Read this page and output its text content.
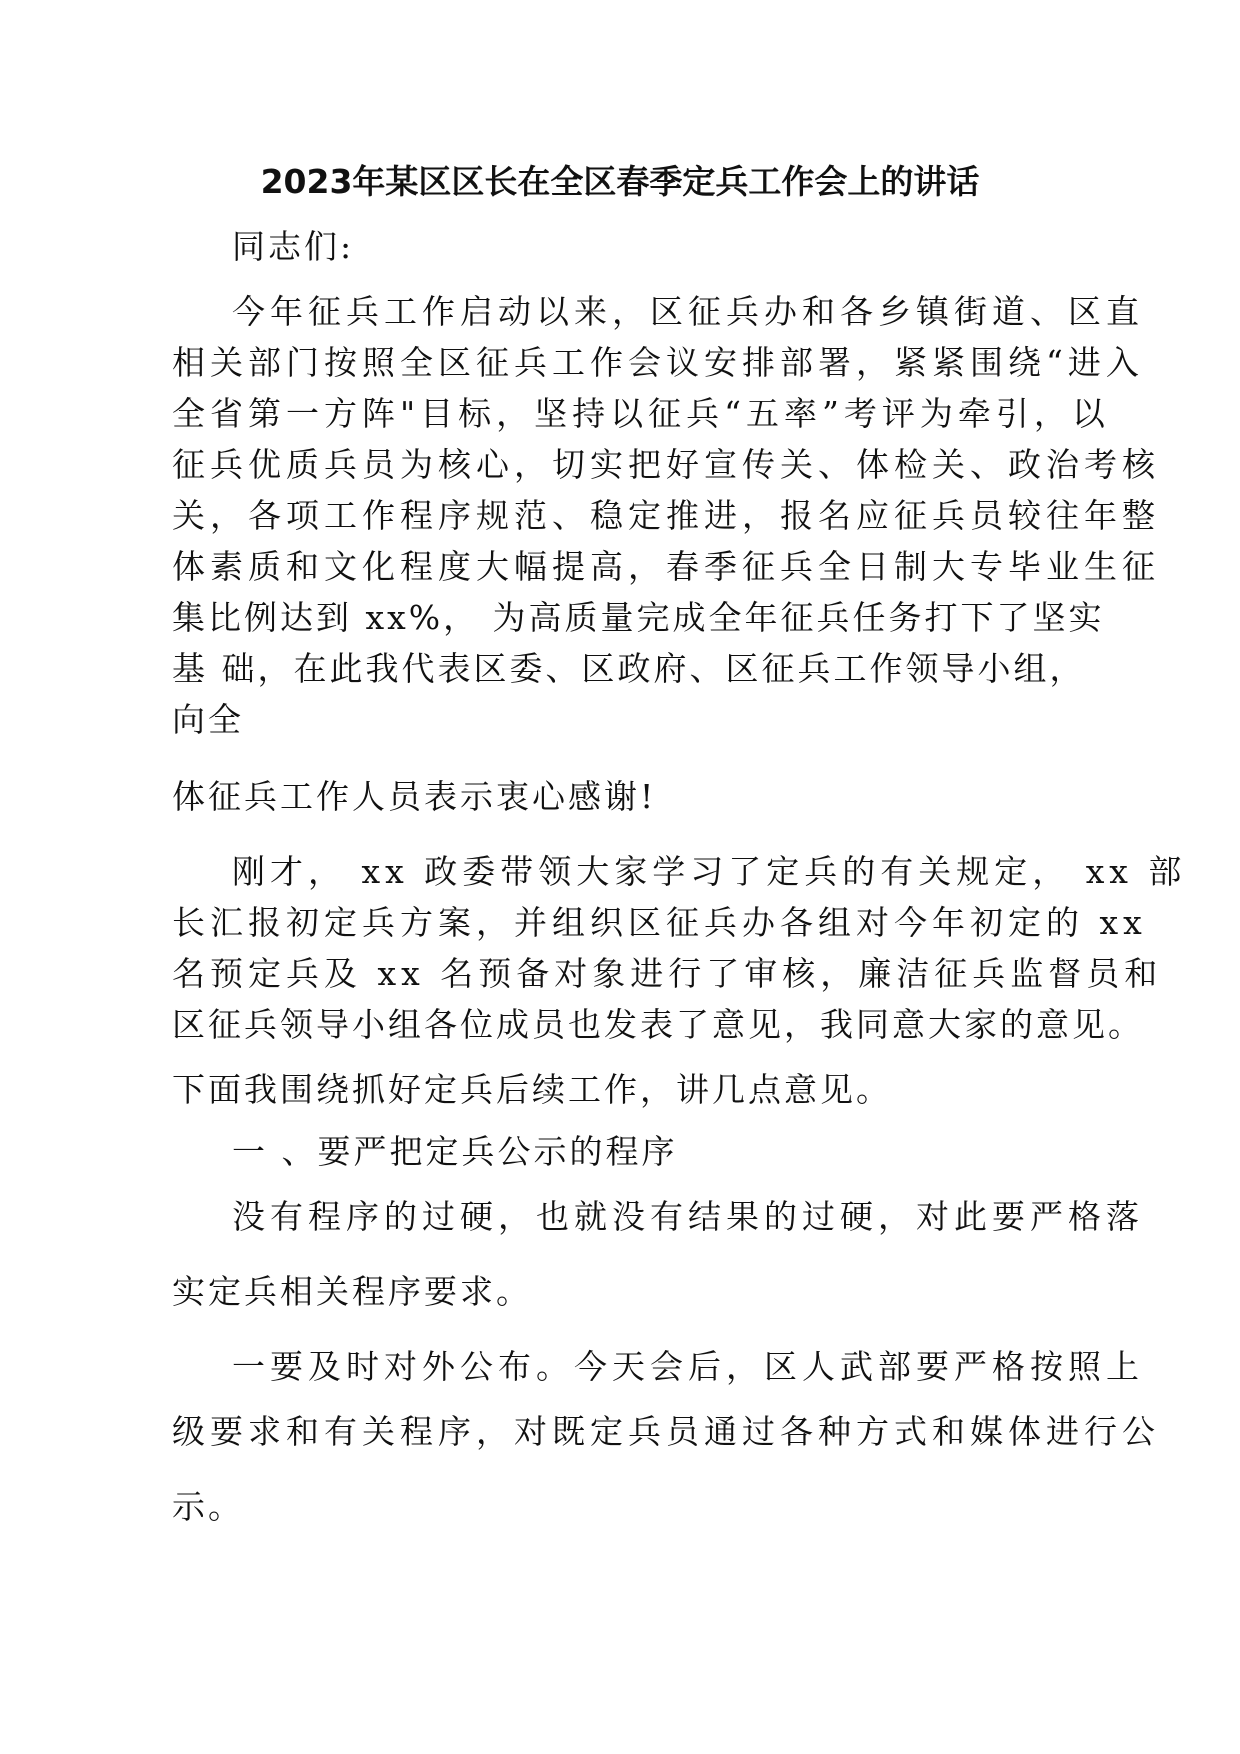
2023年某区区长在全区春季定兵工作会上的讲话
同志们:
今年征兵工作启动以来，区征兵办和各乡镇街道、区直
相关部门按照全区征兵工作会议安排部署，紧紧围绕“进入
全省第一方阵"目标，坚持以征兵“五率”考评为牵引，以
征兵优质兵员为核心，切实把好宣传关、体检关、政治考核
关，各项工作程序规范、稳定推进，报名应征兵员较往年整
体素质和文化程度大幅提高，春季征兵全日制大专毕业生征
集比例达到 xx%， 为高质量完成全年征兵任务打下了坚实
基 础，在此我代表区委、区政府、区征兵工作领导小组，
向全
体征兵工作人员表示衷心感谢!
刚才， xx 政委带领大家学习了定兵的有关规定， xx 部
长汇报初定兵方案，并组织区征兵办各组对今年初定的 xx
名预定兵及 xx 名预备对象进行了审核，廉洁征兵监督员和
区征兵领导小组各位成员也发表了意见，我同意大家的意见。
下面我围绕抓好定兵后续工作，讲几点意见。
一 、要严把定兵公示的程序
没有程序的过硬，也就没有结果的过硬，对此要严格落
实定兵相关程序要求。
一要及时对外公布。今天会后，区人武部要严格按照上
级要求和有关程序，对既定兵员通过各种方式和媒体进行公
示。
